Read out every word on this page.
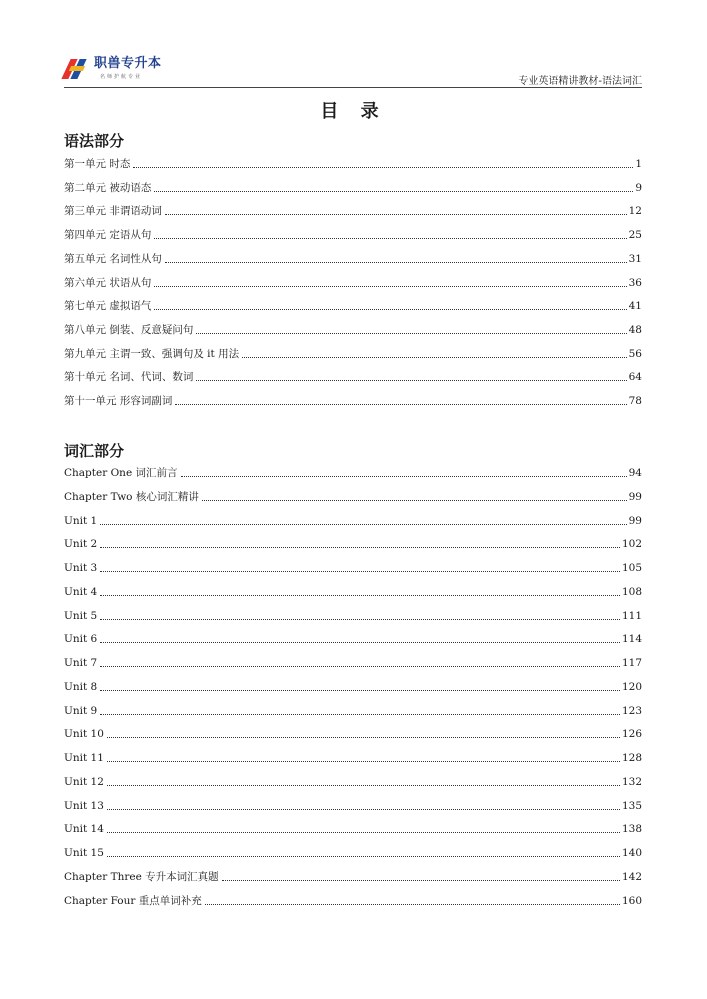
职兽专升本
名师护航专业	专业英语精讲教材-语法词汇
目 录
语法部分
第一单元 时态	1
第二单元 被动语态	9
第三单元 非谓语动词	12
第四单元 定语从句	25
第五单元 名词性从句	31
第六单元 状语从句	36
第七单元 虚拟语气	41
第八单元 倒装、反意疑问句	48
第九单元 主谓一致、强调句及 it 用法	56
第十单元 名词、代词、数词	64
第十一单元 形容词副词	78
词汇部分
Chapter One 词汇前言	94
Chapter Two 核心词汇精讲	99
Unit 1	99
Unit 2	102
Unit 3	105
Unit 4	108
Unit 5	111
Unit 6	114
Unit 7	117
Unit 8	120
Unit 9	123
Unit 10	126
Unit 11	128
Unit 12	132
Unit 13	135
Unit 14	138
Unit 15	140
Chapter Three 专升本词汇真题	142
Chapter Four 重点单词补充	160
